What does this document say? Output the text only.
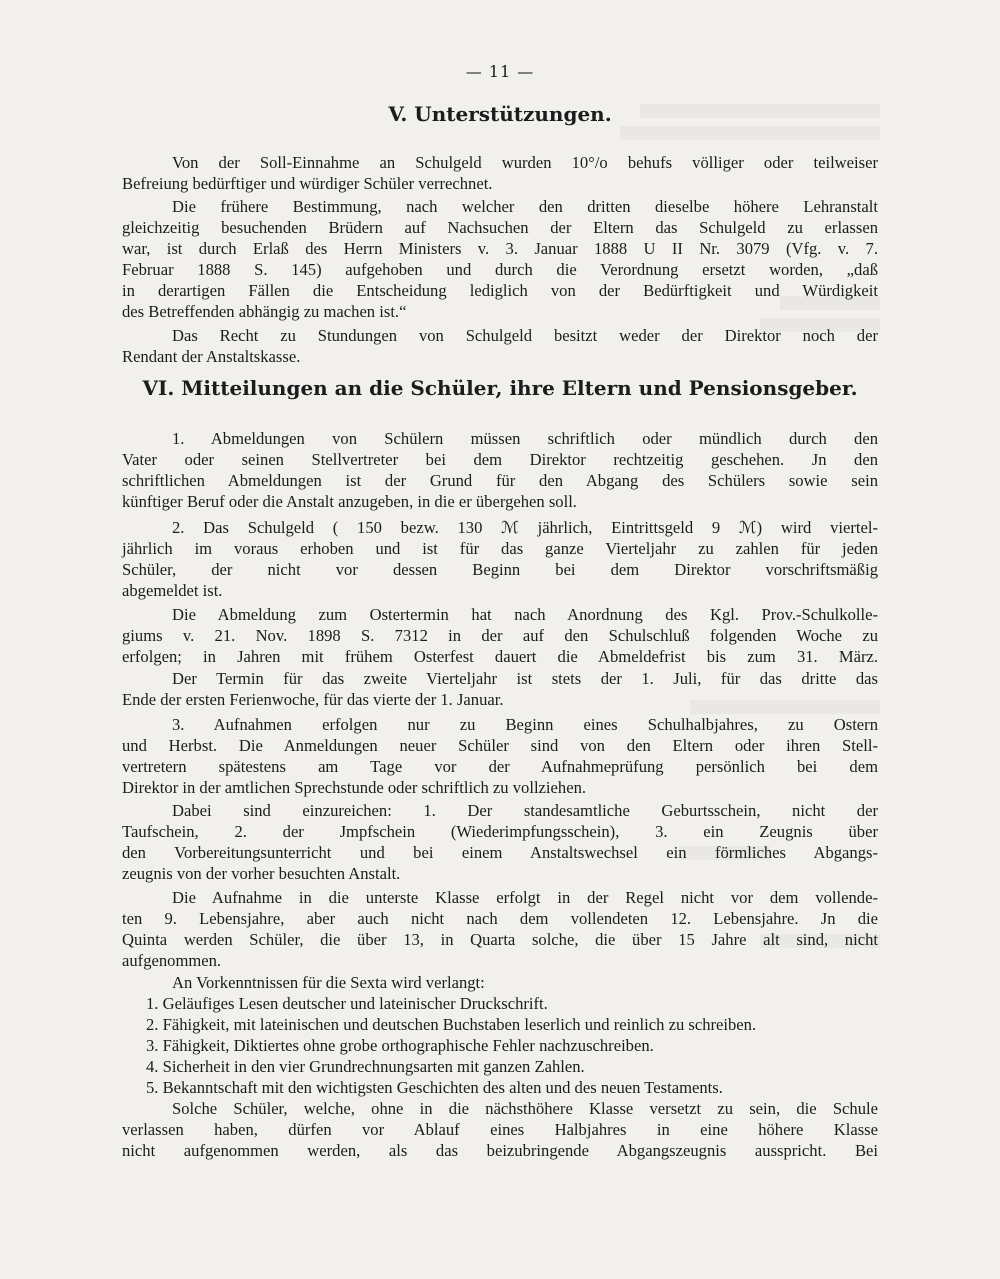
— 11 —
V. Unterstützungen.
Von der Soll-Einnahme an Schulgeld wurden 10°/o behufs völliger oder teilweiser
Befreiung bedürftiger und würdiger Schüler verrechnet.
Die frühere Bestimmung, nach welcher den dritten dieselbe höhere Lehranstalt
gleichzeitig besuchenden Brüdern auf Nachsuchen der Eltern das Schulgeld zu erlassen
war, ist durch Erlaß des Herrn Ministers v. 3. Januar 1888 U II Nr. 3079 (Vfg. v. 7.
Februar 1888 S. 145) aufgehoben und durch die Verordnung ersetzt worden, „daß
in derartigen Fällen die Entscheidung lediglich von der Bedürftigkeit und Würdigkeit
des Betreffenden abhängig zu machen ist.“
Das Recht zu Stundungen von Schulgeld besitzt weder der Direktor noch der
Rendant der Anstaltskasse.
VI. Mitteilungen an die Schüler, ihre Eltern und Pensionsgeber.
1. Abmeldungen von Schülern müssen schriftlich oder mündlich durch den
Vater oder seinen Stellvertreter bei dem Direktor rechtzeitig geschehen. Jn den
schriftlichen Abmeldungen ist der Grund für den Abgang des Schülers sowie sein
künftiger Beruf oder die Anstalt anzugeben, in die er übergehen soll.
2. Das Schulgeld ( 150 bezw. 130 ℳ jährlich, Eintrittsgeld 9 ℳ) wird viertel-
jährlich im voraus erhoben und ist für das ganze Vierteljahr zu zahlen für jeden
Schüler, der nicht vor dessen Beginn bei dem Direktor vorschriftsmäßig
abgemeldet ist.
Die Abmeldung zum Ostertermin hat nach Anordnung des Kgl. Prov.-Schulkolle-
giums v. 21. Nov. 1898 S. 7312 in der auf den Schulschluß folgenden Woche zu
erfolgen; in Jahren mit frühem Osterfest dauert die Abmeldefrist bis zum 31. März.
Der Termin für das zweite Vierteljahr ist stets der 1. Juli, für das dritte das
Ende der ersten Ferienwoche, für das vierte der 1. Januar.
3. Aufnahmen erfolgen nur zu Beginn eines Schulhalbjahres, zu Ostern
und Herbst. Die Anmeldungen neuer Schüler sind von den Eltern oder ihren Stell-
vertretern spätestens am Tage vor der Aufnahmeprüfung persönlich bei dem
Direktor in der amtlichen Sprechstunde oder schriftlich zu vollziehen.
Dabei sind einzureichen: 1. Der standesamtliche Geburtsschein, nicht der
Taufschein, 2. der Jmpfschein (Wiederimpfungsschein), 3. ein Zeugnis über
den Vorbereitungsunterricht und bei einem Anstaltswechsel ein förmliches Abgangs-
zeugnis von der vorher besuchten Anstalt.
Die Aufnahme in die unterste Klasse erfolgt in der Regel nicht vor dem vollende-
ten 9. Lebensjahre, aber auch nicht nach dem vollendeten 12. Lebensjahre. Jn die
Quinta werden Schüler, die über 13, in Quarta solche, die über 15 Jahre alt sind, nicht
aufgenommen.
An Vorkenntnissen für die Sexta wird verlangt:
1. Geläufiges Lesen deutscher und lateinischer Druckschrift.
2. Fähigkeit, mit lateinischen und deutschen Buchstaben leserlich und reinlich zu schreiben.
3. Fähigkeit, Diktiertes ohne grobe orthographische Fehler nachzuschreiben.
4. Sicherheit in den vier Grundrechnungsarten mit ganzen Zahlen.
5. Bekanntschaft mit den wichtigsten Geschichten des alten und des neuen Testaments.
Solche Schüler, welche, ohne in die nächsthöhere Klasse versetzt zu sein, die Schule
verlassen haben, dürfen vor Ablauf eines Halbjahres in eine höhere Klasse
nicht aufgenommen werden, als das beizubringende Abgangszeugnis ausspricht. Bei
